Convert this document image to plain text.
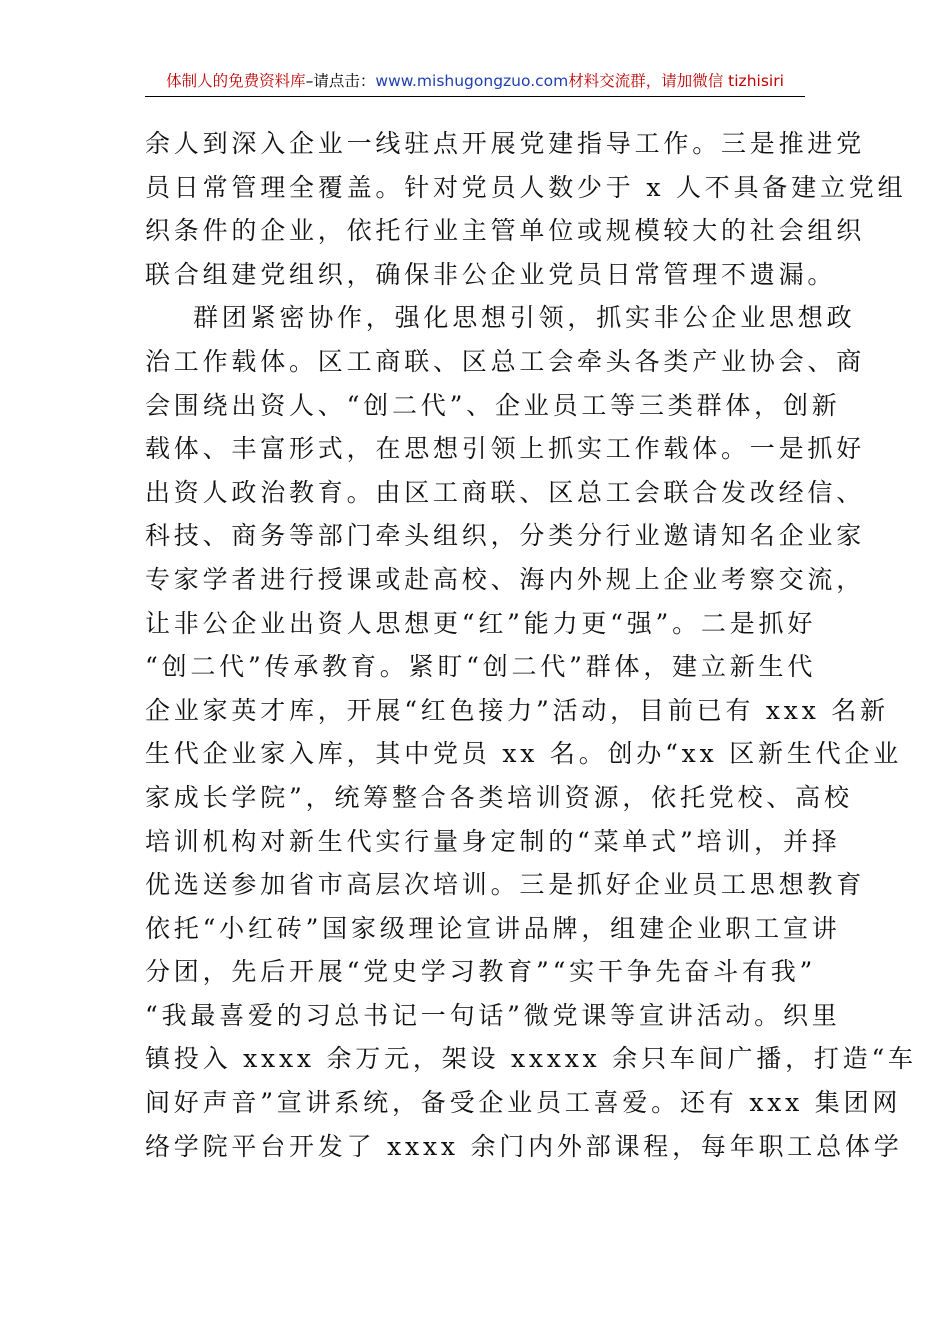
体制人的免费资料库–请点击：www.mishugongzuo.com材料交流群，请加微信 tizhisiri
余人到深入企业一线驻点开展党建指导工作。三是推进党
员日常管理全覆盖。针对党员人数少于 x 人不具备建立党组
织条件的企业，依托行业主管单位或规模较大的社会组织
联合组建党组织，确保非公企业党员日常管理不遗漏。
群团紧密协作，强化思想引领，抓实非公企业思想政
治工作载体。区工商联、区总工会牵头各类产业协会、商
会围绕出资人、“创二代”、企业员工等三类群体，创新
载体、丰富形式，在思想引领上抓实工作载体。一是抓好
出资人政治教育。由区工商联、区总工会联合发改经信、
科技、商务等部门牵头组织，分类分行业邀请知名企业家
专家学者进行授课或赴高校、海内外规上企业考察交流，
让非公企业出资人思想更“红”能力更“强”。二是抓好
“创二代”传承教育。紧盯“创二代”群体，建立新生代
企业家英才库，开展“红色接力”活动，目前已有 xxx 名新
生代企业家入库，其中党员 xx 名。创办“xx 区新生代企业
家成长学院”，统筹整合各类培训资源，依托党校、高校
培训机构对新生代实行量身定制的“菜单式”培训，并择
优选送参加省市高层次培训。三是抓好企业员工思想教育
依托“小红砖”国家级理论宣讲品牌，组建企业职工宣讲
分团，先后开展“党史学习教育”“实干争先奋斗有我”
“我最喜爱的习总书记一句话”微党课等宣讲活动。织里
镇投入 xxxx 余万元，架设 xxxxx 余只车间广播，打造“车
间好声音”宣讲系统，备受企业员工喜爱。还有 xxx 集团网
络学院平台开发了 xxxx 余门内外部课程，每年职工总体学
